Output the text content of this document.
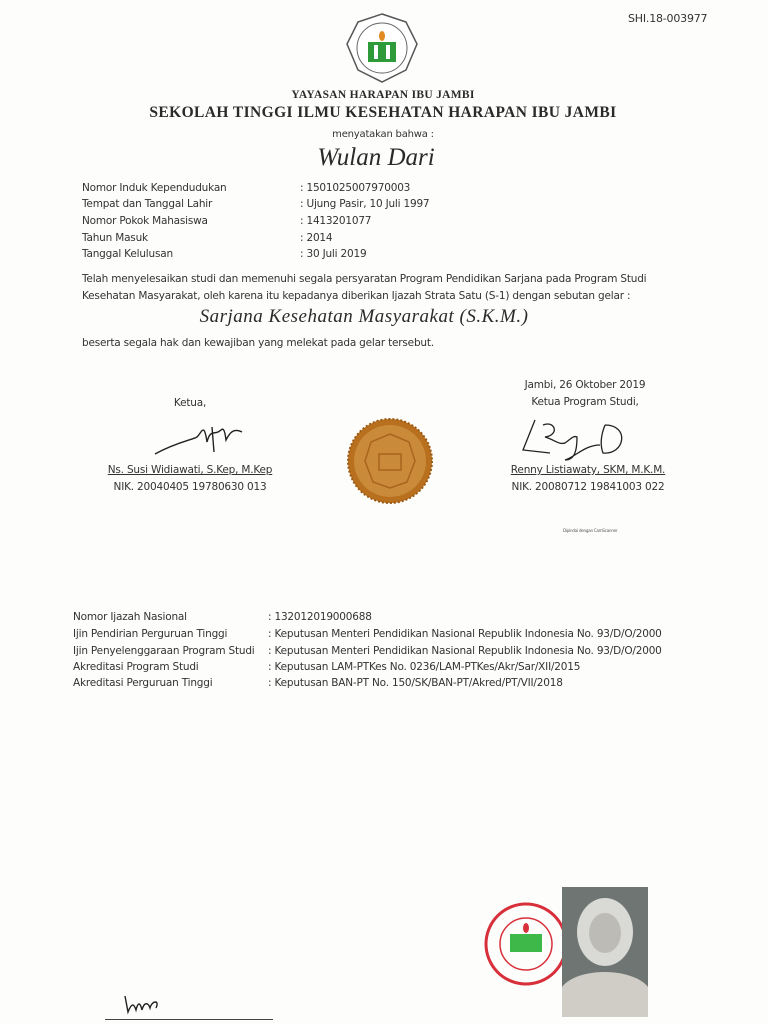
SHI.18-003977
YAYASAN HARAPAN IBU JAMBI
SEKOLAH TINGGI ILMU KESEHATAN HARAPAN IBU JAMBI
menyatakan bahwa :
Wulan Dari
Nomor Induk Kependudukan	: 1501025007970003
Tempat dan Tanggal Lahir	: Ujung Pasir, 10 Juli 1997
Nomor Pokok Mahasiswa	: 1413201077
Tahun Masuk	: 2014
Tanggal Kelulusan	: 30 Juli 2019
Telah menyelesaikan studi dan memenuhi segala persyaratan Program Pendidikan Sarjana pada Program Studi
Kesehatan Masyarakat, oleh karena itu kepadanya diberikan Ijazah Strata Satu (S-1) dengan sebutan gelar :
Sarjana Kesehatan Masyarakat (S.K.M.)
beserta segala hak dan kewajiban yang melekat pada gelar tersebut.
Ketua,
Ns. Susi Widiawati, S.Kep, M.Kep
NIK. 20040405 19780630 013
Jambi, 26 Oktober 2019
Ketua Program Studi,
Renny Listiawaty, SKM, M.K.M.
NIK. 20080712 19841003 022
Dipindai dengan CamScanner
Nomor Ijazah Nasional	: 132012019000688
Ijin Pendirian Perguruan Tinggi	: Keputusan Menteri Pendidikan Nasional Republik Indonesia No. 93/D/O/2000
Ijin Penyelenggaraan Program Studi : Keputusan Menteri Pendidikan Nasional Republik Indonesia No. 93/D/O/2000
Akreditasi Program Studi	: Keputusan LAM-PTKes No. 0236/LAM-PTKes/Akr/Sar/XII/2015
Akreditasi Perguruan Tinggi	: Keputusan BAN-PT No. 150/SK/BAN-PT/Akred/PT/VII/2018
